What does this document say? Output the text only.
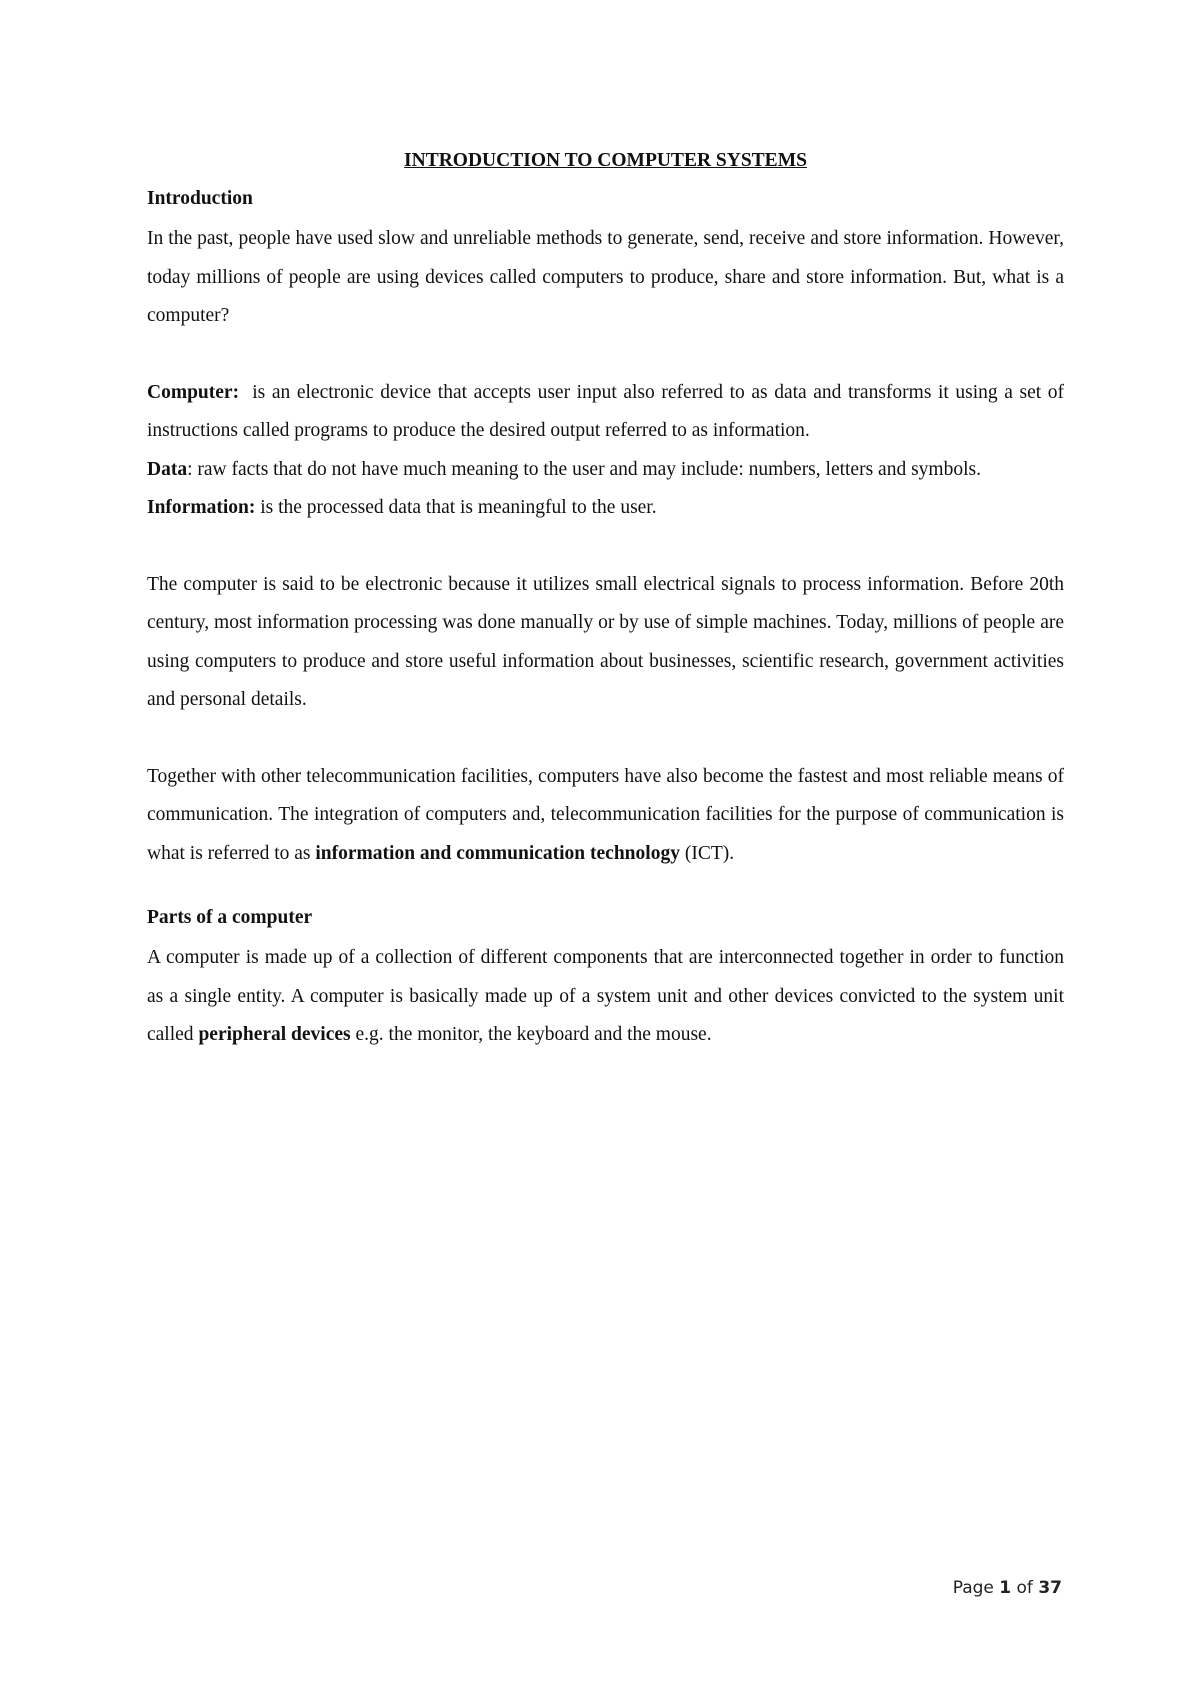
INTRODUCTION TO COMPUTER SYSTEMS
Introduction

In the past, people have used slow and unreliable methods to generate, send, receive and store information. However, today millions of people are using devices called computers to produce, share and store information. But, what is a computer?

Computer:  is an electronic device that accepts user input also referred to as data and transforms it using a set of instructions called programs to produce the desired output referred to as information.

Data: raw facts that do not have much meaning to the user and may include: numbers, letters and symbols.

Information: is the processed data that is meaningful to the user.

The computer is said to be electronic because it utilizes small electrical signals to process information. Before 20th century, most information processing was done manually or by use of simple machines. Today, millions of people are using computers to produce and store useful information about businesses, scientific research, government activities and personal details.

Together with other telecommunication facilities, computers have also become the fastest and most reliable means of communication. The integration of computers and, telecommunication facilities for the purpose of communication is what is referred to as information and communication technology (ICT).

Parts of a computer

A computer is made up of a collection of different components that are interconnected together in order to function as a single entity. A computer is basically made up of a system unit and other devices convicted to the system unit called peripheral devices e.g. the monitor, the keyboard and the mouse.

Page 1 of 37
